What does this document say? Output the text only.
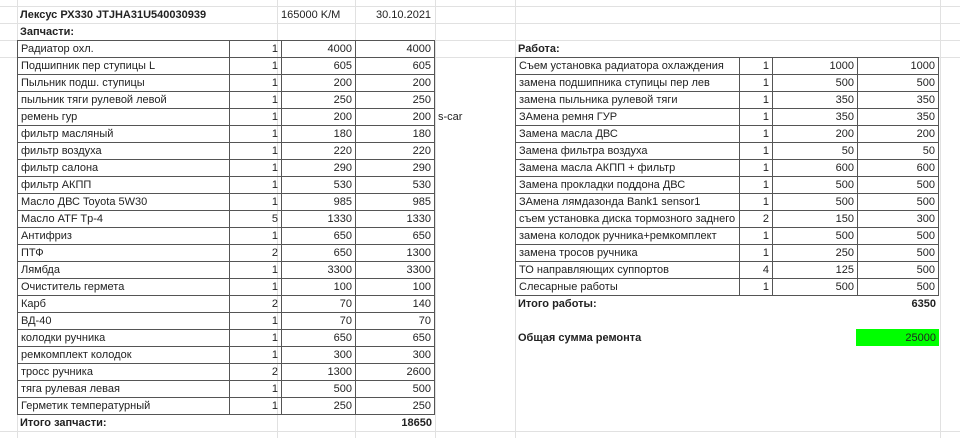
Лексус РХ330 JTJHA31U540030939	165000 K/M	30.10.2021
Запчасти:
Работа:
Радиатор охл.	1	4000	4000
Подшипник пер ступицы L	1	605	605
Пыльник подш. ступицы	1	200	200
пыльник тяги рулевой левой	1	250	250
ремень гур	1	200	200
фильтр масляный	1	180	180
фильтр воздуха	1	220	220
фильтр салона	1	290	290
фильтр АКПП	1	530	530
Масло ДВС Toyota 5W30	1	985	985
Масло ATF Tp-4	5	1330	1330
Антифриз	1	650	650
ПТФ	2	650	1300
Лямбда	1	3300	3300
Очиститель гермета	1	100	100
Карб	2	70	140
ВД-40	1	70	70
колодки ручника	1	650	650
ремкомплект колодок	1	300	300
тросс ручника	2	1300	2600
тяга рулевая левая	1	500	500
Герметик температурный	1	250	250
s-car
Итого запчасти:	18650
Съем установка радиатора охлаждения	1	1000	1000
замена подшипника ступицы пер лев	1	500	500
замена пыльника рулевой тяги	1	350	350
ЗАмена ремня ГУР	1	350	350
Замена масла ДВС	1	200	200
Замена фильтра воздуха	1	50	50
Замена масла АКПП + фильтр	1	600	600
Замена прокладки поддона ДВС	1	500	500
ЗАмена лямдазонда Bank1 sensor1	1	500	500
съем установка диска тормозного заднего	2	150	300
замена колодок ручника+ремкомплект	1	500	500
замена тросов ручника	1	250	500
ТО направляющих суппортов	4	125	500
Слесарные работы	1	500	500
Итого работы:	6350
Общая сумма ремонта	25000
